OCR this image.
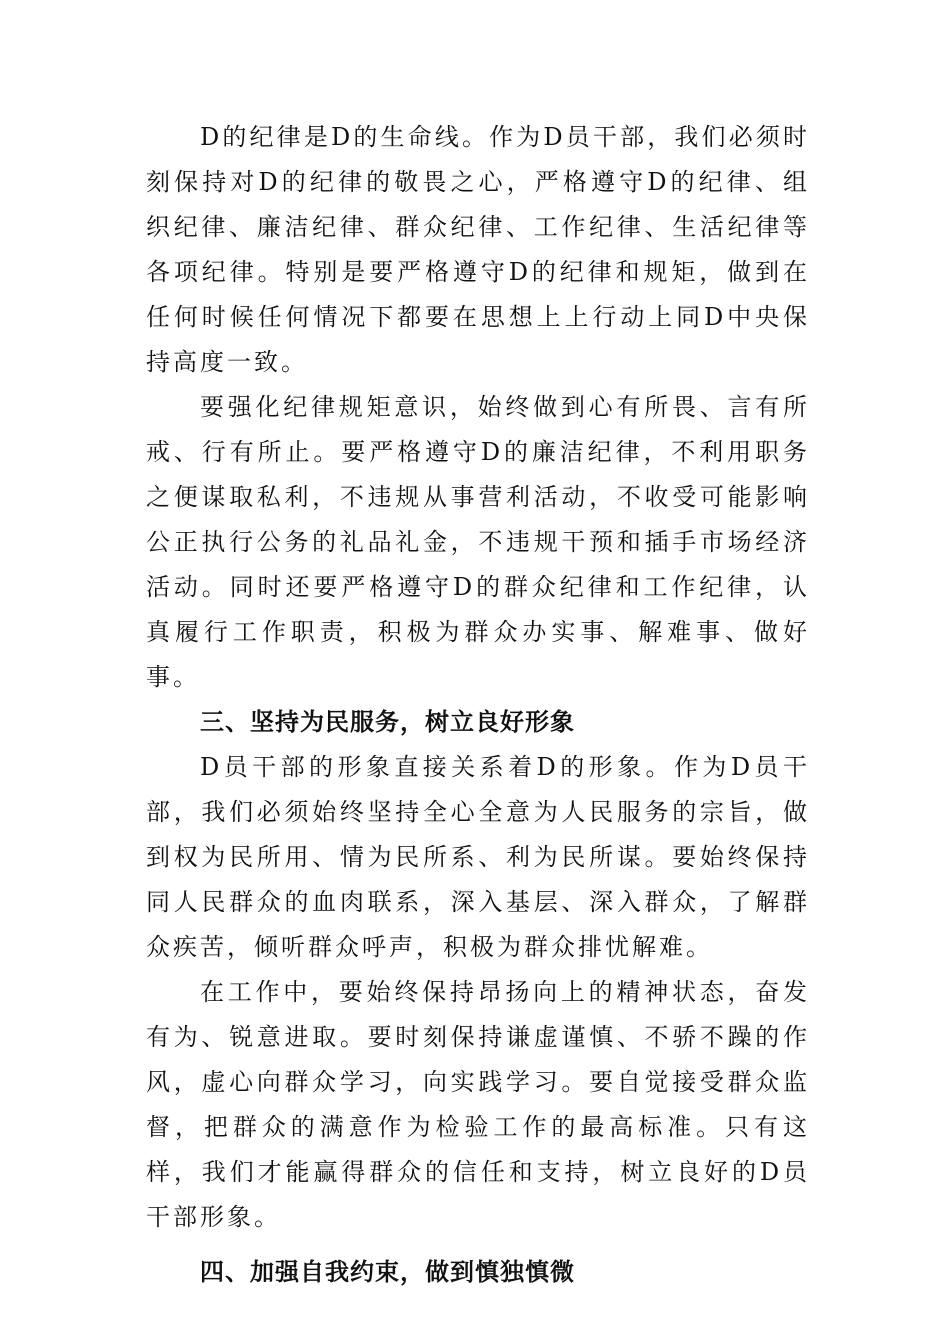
D的纪律是D的生命线。作为D员干部，我们必须时刻保持对D的纪律的敬畏之心，严格遵守D的纪律、组织纪律、廉洁纪律、群众纪律、工作纪律、生活纪律等各项纪律。特别是要严格遵守D的纪律和规矩，做到在任何时候任何情况下都要在思想上上行动上同D中央保持高度一致。

要强化纪律规矩意识，始终做到心有所畏、言有所戒、行有所止。要严格遵守D的廉洁纪律，不利用职务之便谋取私利，不违规从事营利活动，不收受可能影响公正执行公务的礼品礼金，不违规干预和插手市场经济活动。同时还要严格遵守D的群众纪律和工作纪律，认真履行工作职责，积极为群众办实事、解难事、做好事。

三、坚持为民服务，树立良好形象

D员干部的形象直接关系着D的形象。作为D员干部，我们必须始终坚持全心全意为人民服务的宗旨，做到权为民所用、情为民所系、利为民所谋。要始终保持同人民群众的血肉联系，深入基层、深入群众，了解群众疾苦，倾听群众呼声，积极为群众排忧解难。

在工作中，要始终保持昂扬向上的精神状态，奋发有为、锐意进取。要时刻保持谦虚谨慎、不骄不躁的作风，虚心向群众学习，向实践学习。要自觉接受群众监督，把群众的满意作为检验工作的最高标准。只有这样，我们才能赢得群众的信任和支持，树立良好的D员干部形象。

四、加强自我约束，做到慎独慎微
